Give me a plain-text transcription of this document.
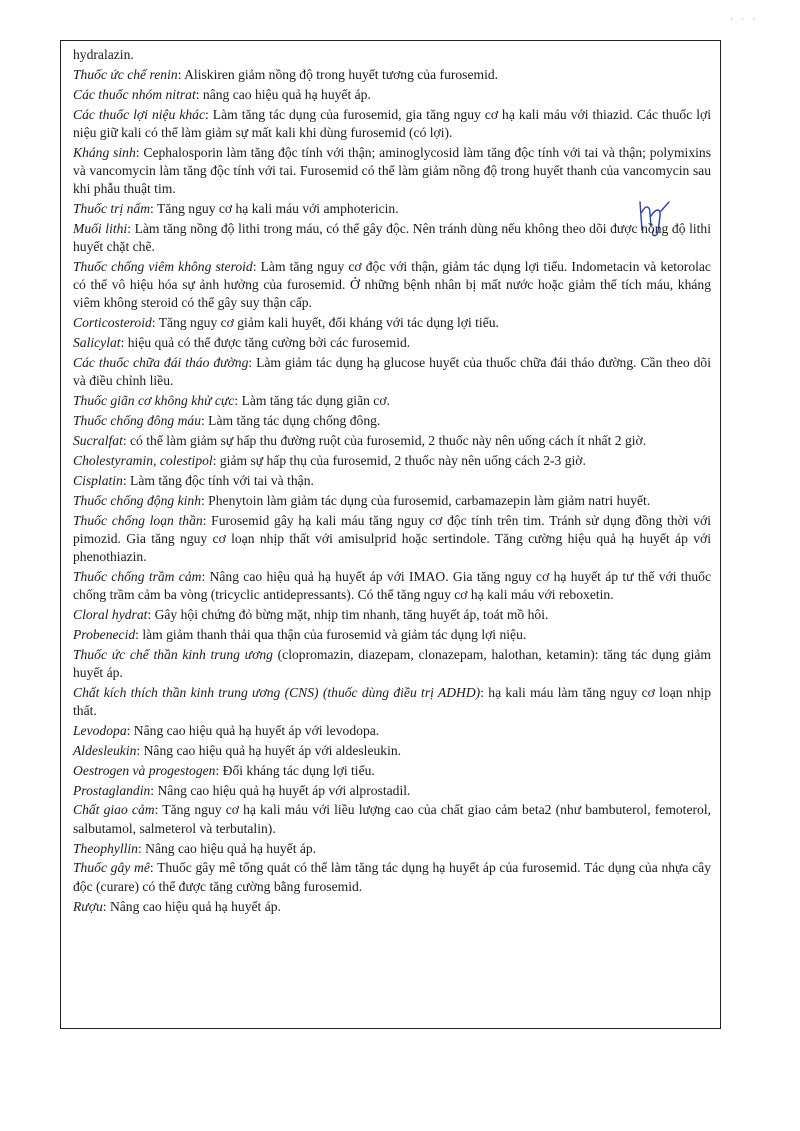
· · ·
hydralazin.
Thuốc ức chế renin: Aliskiren giảm nồng độ trong huyết tương của furosemid.
Các thuốc nhóm nitrat: nâng cao hiệu quả hạ huyết áp.
Các thuốc lợi niệu khác: Làm tăng tác dụng của furosemid, gia tăng nguy cơ hạ kali máu với thiazid. Các thuốc lợi niệu giữ kali có thể làm giảm sự mất kali khi dùng furosemid (có lợi).
Kháng sinh: Cephalosporin làm tăng độc tính với thận; aminoglycosid làm tăng độc tính với tai và thận; polymixins và vancomycin làm tăng độc tính với tai. Furosemid có thể làm giảm nồng độ trong huyết thanh của vancomycin sau khi phẫu thuật tim.
Thuốc trị nấm: Tăng nguy cơ hạ kali máu với amphotericin.
Muối lithi: Làm tăng nồng độ lithi trong máu, có thể gây độc. Nên tránh dùng nếu không theo dõi được nồng độ lithi huyết chặt chẽ.
Thuốc chống viêm không steroid: Làm tăng nguy cơ độc với thận, giảm tác dụng lợi tiểu. Indometacin và ketorolac có thể vô hiệu hóa sự ảnh hưởng của furosemid. Ở những bệnh nhân bị mất nước hoặc giảm thể tích máu, kháng viêm không steroid có thể gây suy thận cấp.
Corticosteroid: Tăng nguy cơ giảm kali huyết, đối kháng với tác dụng lợi tiểu.
Salicylat: hiệu quả có thể được tăng cường bởi các furosemid.
Các thuốc chữa đái tháo đường: Làm giảm tác dụng hạ glucose huyết của thuốc chữa đái tháo đường. Cần theo dõi và điều chỉnh liều.
Thuốc giãn cơ không khử cực: Làm tăng tác dụng giãn cơ.
Thuốc chống đông máu: Làm tăng tác dụng chống đông.
Sucralfat: có thể làm giảm sự hấp thu đường ruột của furosemid, 2 thuốc này nên uống cách ít nhất 2 giờ.
Cholestyramin, colestipol: giảm sự hấp thụ của furosemid, 2 thuốc này nên uống cách 2-3 giờ.
Cisplatin: Làm tăng độc tính với tai và thận.
Thuốc chống động kinh: Phenytoin làm giảm tác dụng của furosemid, carbamazepin làm giảm natri huyết.
Thuốc chống loạn thần: Furosemid gây hạ kali máu tăng nguy cơ độc tính trên tim. Tránh sử dụng đồng thời với pimozid. Gia tăng nguy cơ loạn nhịp thất với amisulprid hoặc sertindole. Tăng cường hiệu quả hạ huyết áp với phenothiazin.
Thuốc chống trầm cảm: Nâng cao hiệu quả hạ huyết áp với IMAO. Gia tăng nguy cơ hạ huyết áp tư thế với thuốc chống trầm cảm ba vòng (tricyclic antidepressants). Có thể tăng nguy cơ hạ kali máu với reboxetin.
Cloral hydrat: Gây hội chứng đỏ bừng mặt, nhịp tim nhanh, tăng huyết áp, toát mồ hôi.
Probenecid: làm giảm thanh thải qua thận của furosemid và giảm tác dụng lợi niệu.
Thuốc ức chế thần kinh trung ương (clopromazin, diazepam, clonazepam, halothan, ketamin): tăng tác dụng giảm huyết áp.
Chất kích thích thần kinh trung ương (CNS) (thuốc dùng điều trị ADHD): hạ kali máu làm tăng nguy cơ loạn nhịp thất.
Levodopa: Nâng cao hiệu quả hạ huyết áp với levodopa.
Aldesleukin: Nâng cao hiệu quả hạ huyết áp với aldesleukin.
Oestrogen và progestogen: Đối kháng tác dụng lợi tiểu.
Prostaglandin: Nâng cao hiệu quả hạ huyết áp với alprostadil.
Chất giao cảm: Tăng nguy cơ hạ kali máu với liều lượng cao của chất giao cảm beta2 (như bambuterol, femoterol, salbutamol, salmeterol và terbutalin).
Theophyllin: Nâng cao hiệu quả hạ huyết áp.
Thuốc gây mê: Thuốc gây mê tổng quát có thể làm tăng tác dụng hạ huyết áp của furosemid. Tác dụng của nhựa cây độc (curare) có thể được tăng cường bằng furosemid.
Rượu: Nâng cao hiệu quả hạ huyết áp.
